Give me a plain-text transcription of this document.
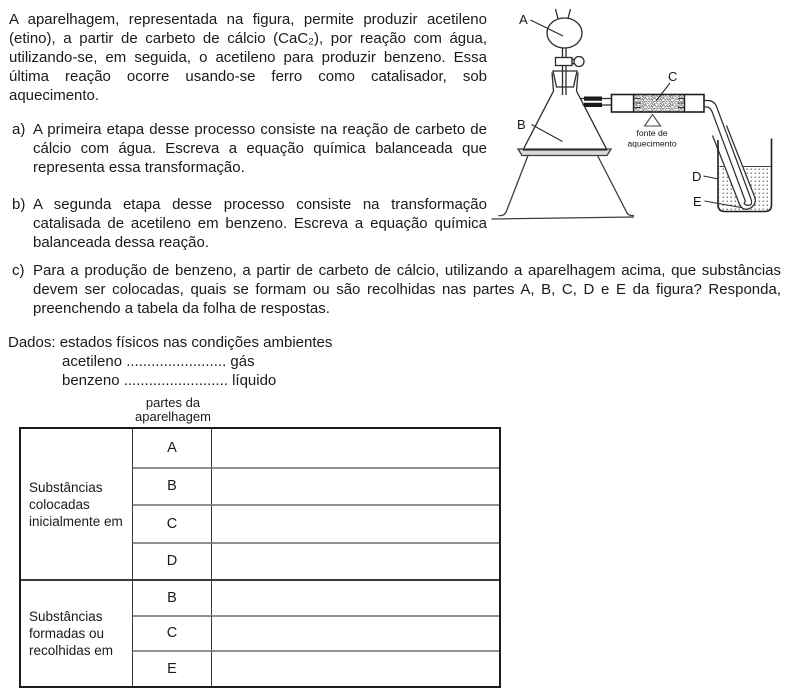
A aparelhagem, representada na figura, permite produzir acetileno
(etino), a partir de carbeto de cálcio (CaC₂), por reação com água,
utilizando-se, em seguida, o acetileno para produzir benzeno. Essa
última reação ocorre usando-se ferro como catalisador, sob
aquecimento.
a) A primeira etapa desse processo consiste na reação de carbeto de
cálcio com água. Escreva a equação química balanceada que
representa essa transformação.
b) A segunda etapa desse processo consiste na transformação
catalisada de acetileno em benzeno. Escreva a equação química
balanceada dessa reação.
c) Para a produção de benzeno, a partir de carbeto de cálcio, utilizando a aparelhagem acima, que substâncias
devem ser colocadas, quais se formam ou são recolhidas nas partes A, B, C, D e E da figura? Responda,
preenchendo a tabela da folha de respostas.
Dados: estados físicos nas condições ambientes
acetileno ........................ gás
benzeno ......................... líquido
fonte de
aquecimento
A
B
C
D
E
partes da
aparelhagem
Substâncias
colocadas
inicialmente em
Substâncias
formadas ou
recolhidas em
A
B
C
D
B
C
E
